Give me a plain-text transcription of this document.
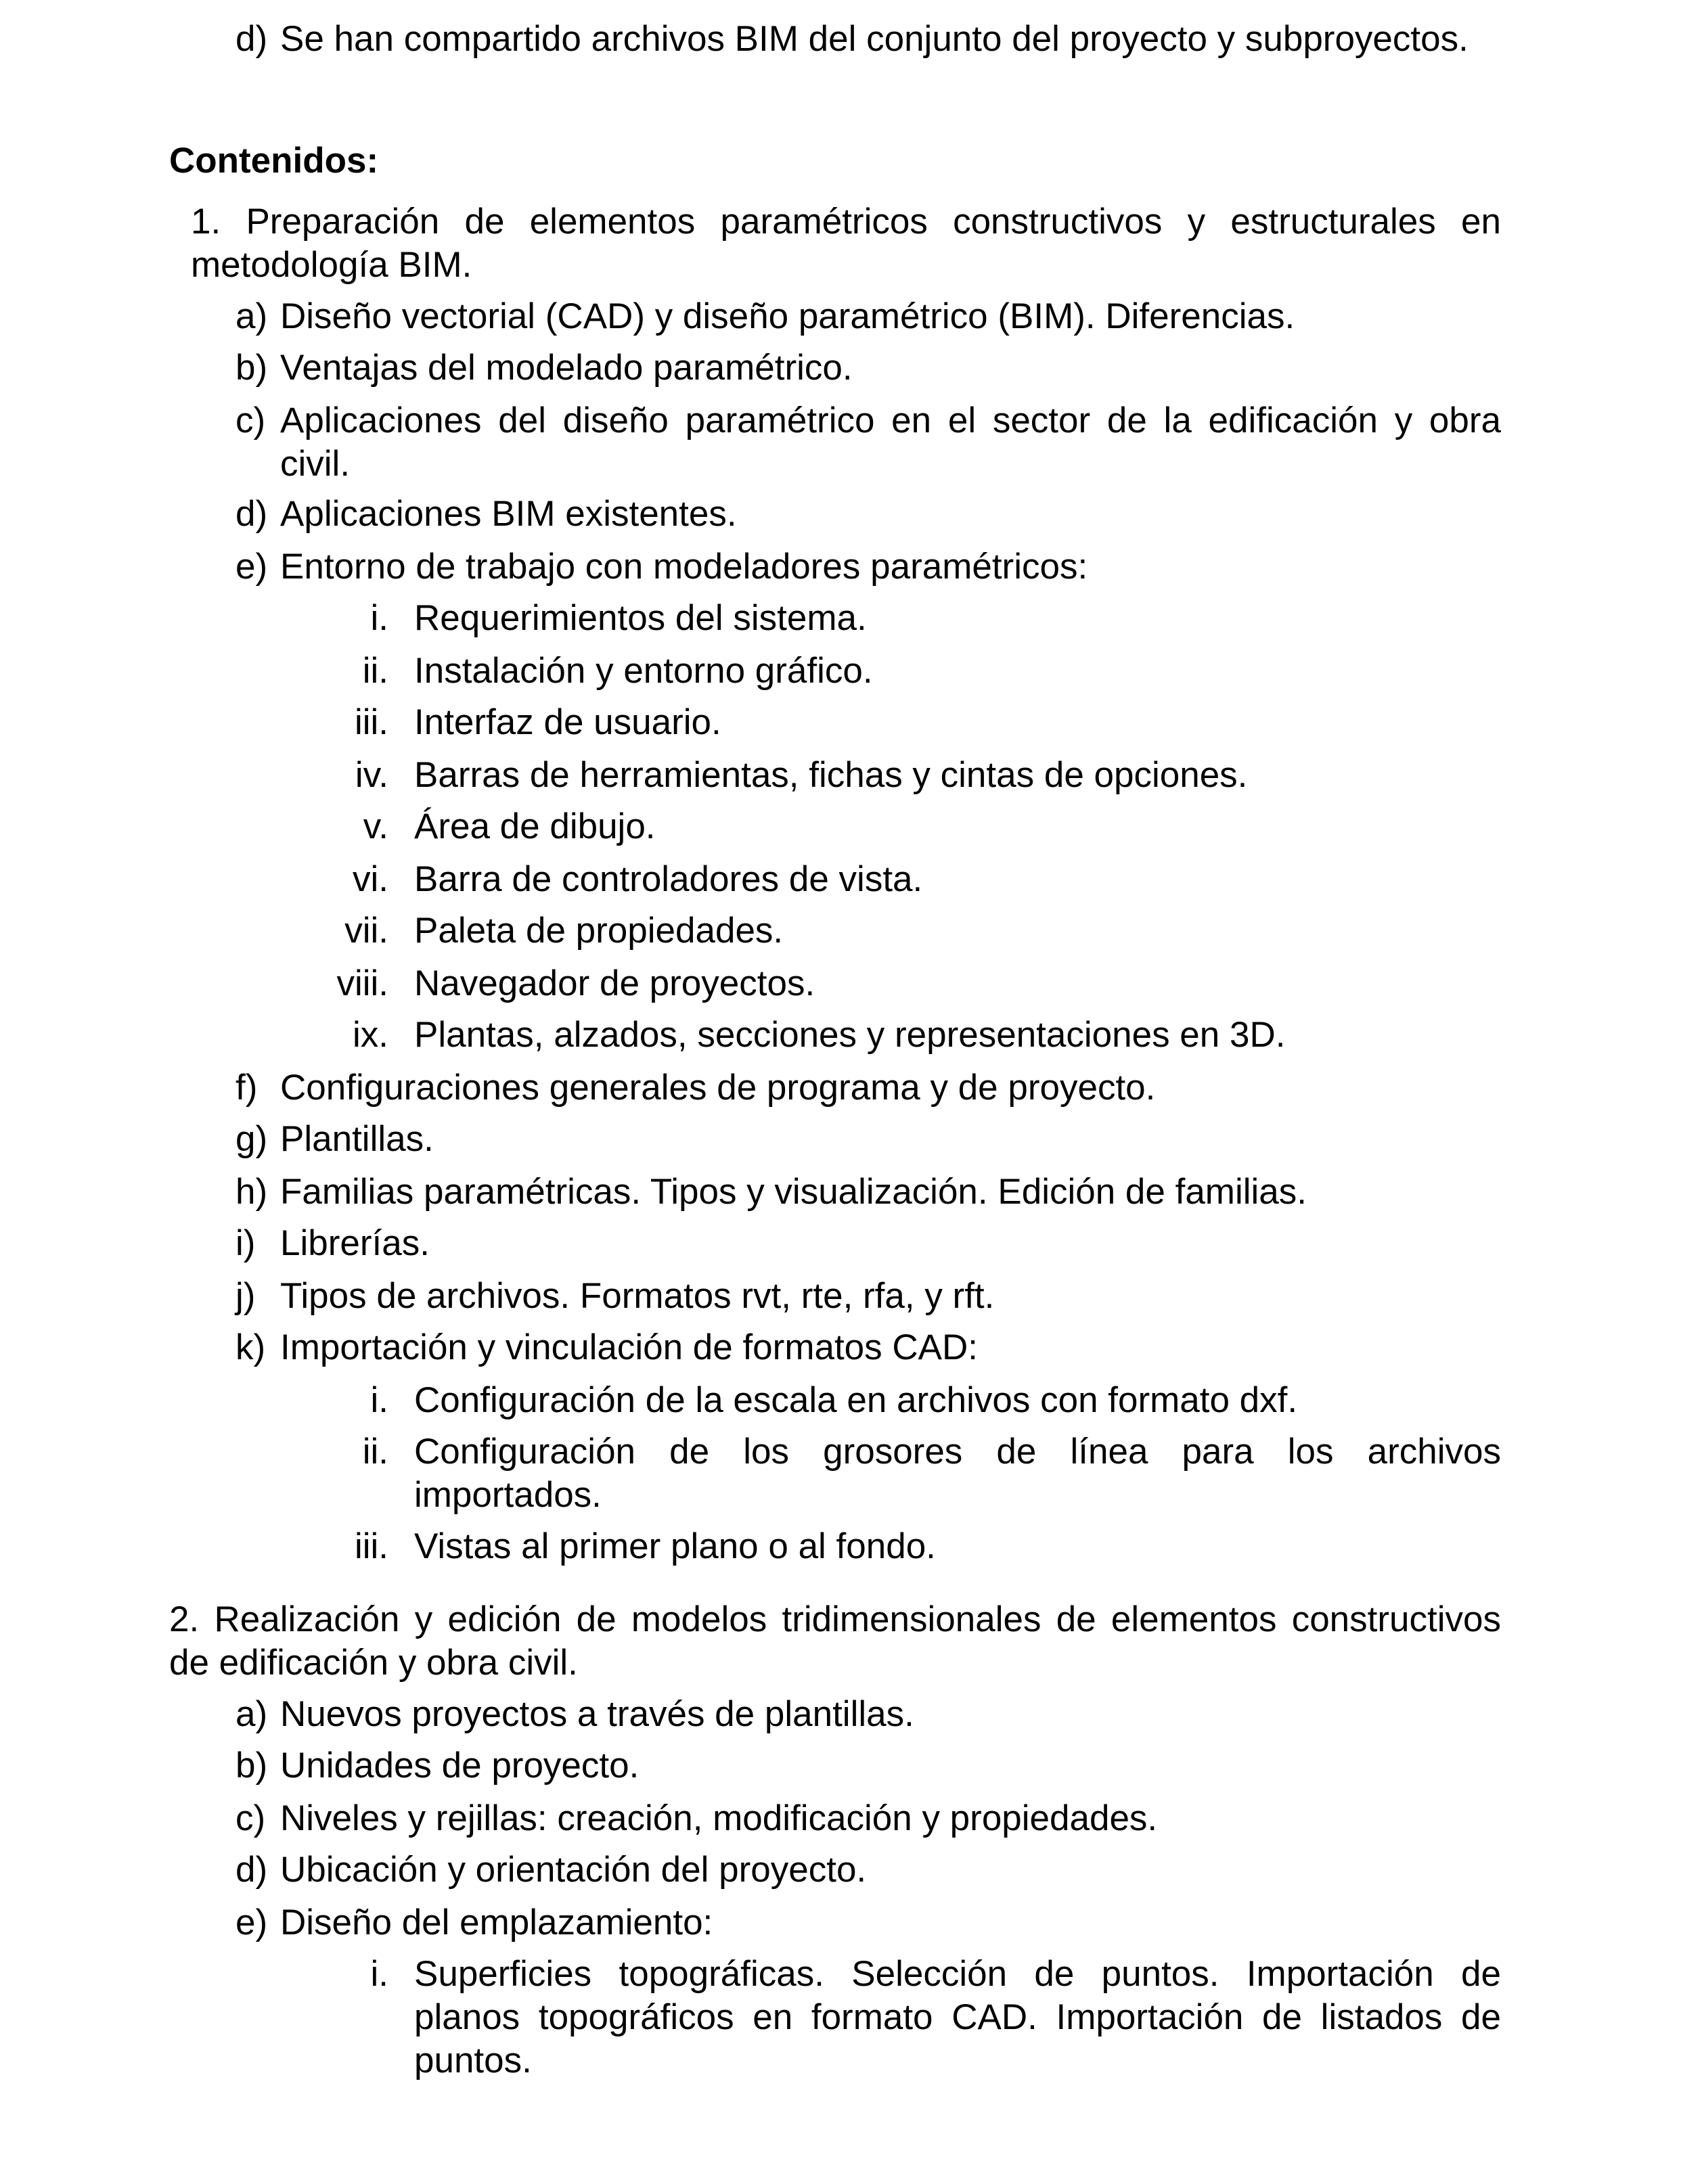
d) Se han compartido archivos BIM del conjunto del proyecto y subproyectos.
Contenidos:
1. Preparación de elementos paramétricos constructivos y estructurales en metodología BIM.
a) Diseño vectorial (CAD) y diseño paramétrico (BIM). Diferencias.
b) Ventajas del modelado paramétrico.
c) Aplicaciones del diseño paramétrico en el sector de la edificación y obra civil.
d) Aplicaciones BIM existentes.
e) Entorno de trabajo con modeladores paramétricos:
i. Requerimientos del sistema.
ii. Instalación y entorno gráfico.
iii. Interfaz de usuario.
iv. Barras de herramientas, fichas y cintas de opciones.
v. Área de dibujo.
vi. Barra de controladores de vista.
vii. Paleta de propiedades.
viii. Navegador de proyectos.
ix. Plantas, alzados, secciones y representaciones en 3D.
f) Configuraciones generales de programa y de proyecto.
g) Plantillas.
h) Familias paramétricas. Tipos y visualización. Edición de familias.
i) Librerías.
j) Tipos de archivos. Formatos rvt, rte, rfa, y rft.
k) Importación y vinculación de formatos CAD:
i. Configuración de la escala en archivos con formato dxf.
ii. Configuración de los grosores de línea para los archivos importados.
iii. Vistas al primer plano o al fondo.
2. Realización y edición de modelos tridimensionales de elementos constructivos de edificación y obra civil.
a) Nuevos proyectos a través de plantillas.
b) Unidades de proyecto.
c) Niveles y rejillas: creación, modificación y propiedades.
d) Ubicación y orientación del proyecto.
e) Diseño del emplazamiento:
i. Superficies topográficas. Selección de puntos. Importación de planos topográficos en formato CAD. Importación de listados de puntos.
